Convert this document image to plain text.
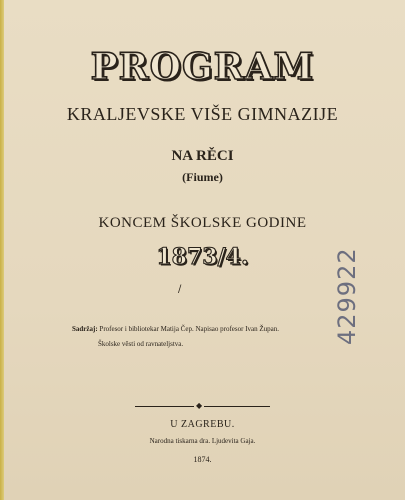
PROGRAM
KRALJEVSKE VIŠE GIMNAZIJE
NA RĚCI
(Fiume)
KONCEM ŠKOLSKE GODINE
1873/4.
/
Sadržaj: Profesor i bibliotekar Matija Čep. Napisao profesor Ivan Župan.
Školske věsti od ravnateljstva.
◆
U ZAGREBU.
Narodna tiskarna dra. Ljudevita Gaja.
1874.
429922
